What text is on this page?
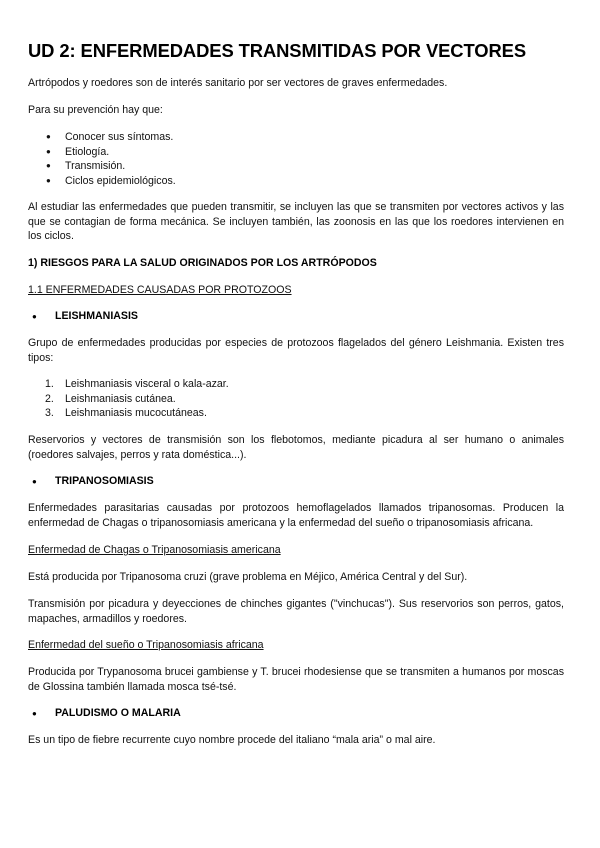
UD 2: ENFERMEDADES TRANSMITIDAS POR VECTORES

Artrópodos y roedores son de interés sanitario por ser vectores de graves enfermedades.

Para su prevención hay que:

● Conocer sus síntomas.
● Etiología.
● Transmisión.
● Ciclos epidemiológicos.

Al estudiar las enfermedades que pueden transmitir, se incluyen las que se transmiten por vectores activos y las que se contagian de forma mecánica. Se incluyen también, las zoonosis en las que los roedores intervienen en los ciclos.

1) RIESGOS PARA LA SALUD ORIGINADOS POR LOS ARTRÓPODOS

1.1 ENFERMEDADES CAUSADAS POR PROTOZOOS

● LEISHMANIASIS

Grupo de enfermedades producidas por especies de protozoos flagelados del género Leishmania. Existen tres tipos:

1. Leishmaniasis visceral o kala-azar.
2. Leishmaniasis cutánea.
3. Leishmaniasis mucocutáneas.

Reservorios y vectores de transmisión son los flebotomos, mediante picadura al ser humano o animales (roedores salvajes, perros y rata doméstica...).

● TRIPANOSOMIASIS

Enfermedades parasitarias causadas por protozoos hemoflagelados llamados tripanosomas. Producen la enfermedad de Chagas o tripanosomiasis americana y la enfermedad del sueño o tripanosomiasis africana.

Enfermedad de Chagas o Tripanosomiasis americana

Está producida por Tripanosoma cruzi (grave problema en Méjico, América Central y del Sur).

Transmisión por picadura y deyecciones de chinches gigantes ("vinchucas"). Sus reservorios son perros, gatos, mapaches, armadillos y roedores.

Enfermedad del sueño o Tripanosomiasis africana

Producida por Trypanosoma brucei gambiense y T. brucei rhodesiense que se transmiten a humanos por moscas de Glossina también llamada mosca tsé-tsé.

● PALUDISMO O MALARIA

Es un tipo de fiebre recurrente cuyo nombre procede del italiano “mala aria” o mal aire.
